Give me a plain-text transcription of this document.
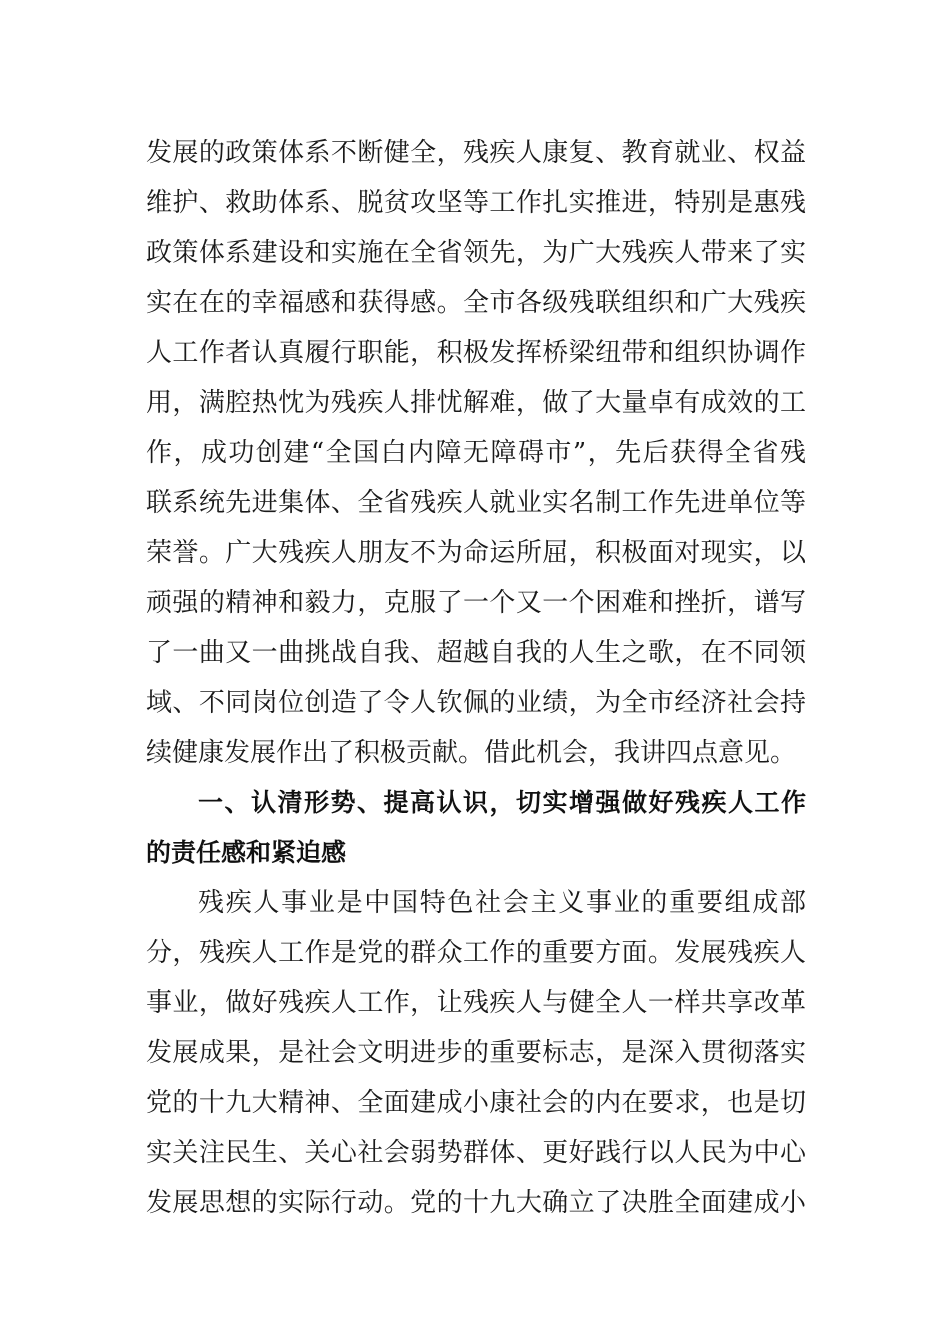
发展的政策体系不断健全，残疾人康复、教育就业、权益
维护、救助体系、脱贫攻坚等工作扎实推进，特别是惠残
政策体系建设和实施在全省领先，为广大残疾人带来了实
实在在的幸福感和获得感。全市各级残联组织和广大残疾
人工作者认真履行职能，积极发挥桥梁纽带和组织协调作
用，满腔热忱为残疾人排忧解难，做了大量卓有成效的工
作，成功创建“全国白内障无障碍市”，先后获得全省残
联系统先进集体、全省残疾人就业实名制工作先进单位等
荣誉。广大残疾人朋友不为命运所屈，积极面对现实，以
顽强的精神和毅力，克服了一个又一个困难和挫折，谱写
了一曲又一曲挑战自我、超越自我的人生之歌，在不同领
域、不同岗位创造了令人钦佩的业绩，为全市经济社会持
续健康发展作出了积极贡献。借此机会，我讲四点意见。
一、认清形势、提高认识，切实增强做好残疾人工作
的责任感和紧迫感
残疾人事业是中国特色社会主义事业的重要组成部
分，残疾人工作是党的群众工作的重要方面。发展残疾人
事业，做好残疾人工作，让残疾人与健全人一样共享改革
发展成果，是社会文明进步的重要标志，是深入贯彻落实
党的十九大精神、全面建成小康社会的内在要求，也是切
实关注民生、关心社会弱势群体、更好践行以人民为中心
发展思想的实际行动。党的十九大确立了决胜全面建成小
